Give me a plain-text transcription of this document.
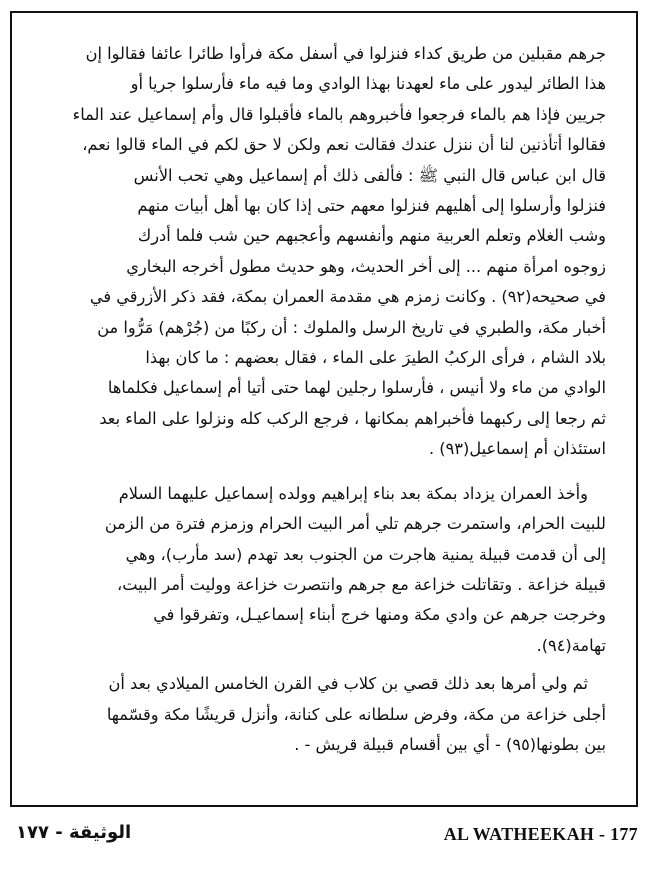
جرهم مقبلين من طريق كداء فنزلوا في أسفل مكة فرأوا طائرا عائفا فقالوا إن
هذا الطائر ليدور على ماء لعهدنا بهذا الوادي وما فيه ماء فأرسلوا جريا أو
جريين فإذا هم بالماء فرجعوا فأخبروهم بالماء فأقبلوا قال وأم إسماعيل عند الماء
فقالوا أتأذنين لنا أن ننزل عندك فقالت نعم ولكن لا حق لكم في الماء قالوا نعم،
قال ابن عباس قال النبي ﷺ : فألفى ذلك أم إسماعيل وهي تحب الأنس
فنزلوا وأرسلوا إلى أهليهم فنزلوا معهم حتى إذا كان بها أهل أبيات منهم
وشب الغلام وتعلم العربية منهم وأنفسهم وأعجبهم حين شب فلما أدرك
زوجوه امرأة منهم ... إلى أخر الحديث، وهو حديث مطول أخرجه البخاري
في صحيحه(٩٢) . وكانت زمزم هي مقدمة العمران بمكة، فقد ذكر الأزرقي في
أخبار مكة، والطبري في تاريخ الرسل والملوك : أن ركبًا من (جُرْهم) مَرُّوا من
بلاد الشام ، فرأى الركبُ الطيرَ على الماء ، فقال بعضهم : ما كان بهذا
الوادي من ماء ولا أنيس ، فأرسلوا رجلين لهما حتى أتيا أم إسماعيل فكلماها
ثم رجعا إلى ركبهما فأخبراهم بمكانها ، فرجع الركب كله ونزلوا على الماء بعد
استئذان أم إسماعيل(٩٣) .
وأخذ العمران يزداد بمكة بعد بناء إبراهيم وولده إسماعيل عليهما السلام
للبيت الحرام، واستمرت جرهم تلي أمر البيت الحرام وزمزم فترة من الزمن
إلى أن قدمت قبيلة يمنية هاجرت من الجنوب بعد تهدم (سد مأرب)، وهي
قبيلة خزاعة . وتقاتلت خزاعة مع جرهم وانتصرت خزاعة ووليت أمر البيت،
وخرجت جرهم عن وادي مكة ومنها خرج أبناء إسماعيـل، وتفرقوا في
تهامة(٩٤).
ثم ولي أمرها بعد ذلك قصي بن كلاب في القرن الخامس الميلادي بعد أن
أجلى خزاعة من مكة، وفرض سلطانه على كنانة، وأنزل قريشًا مكة وقسّمها
بين بطونها(٩٥) - أي بين أقسام قبيلة قريش - .
الوثيقة - ١٧٧	AL WATHEEKAH - 177
